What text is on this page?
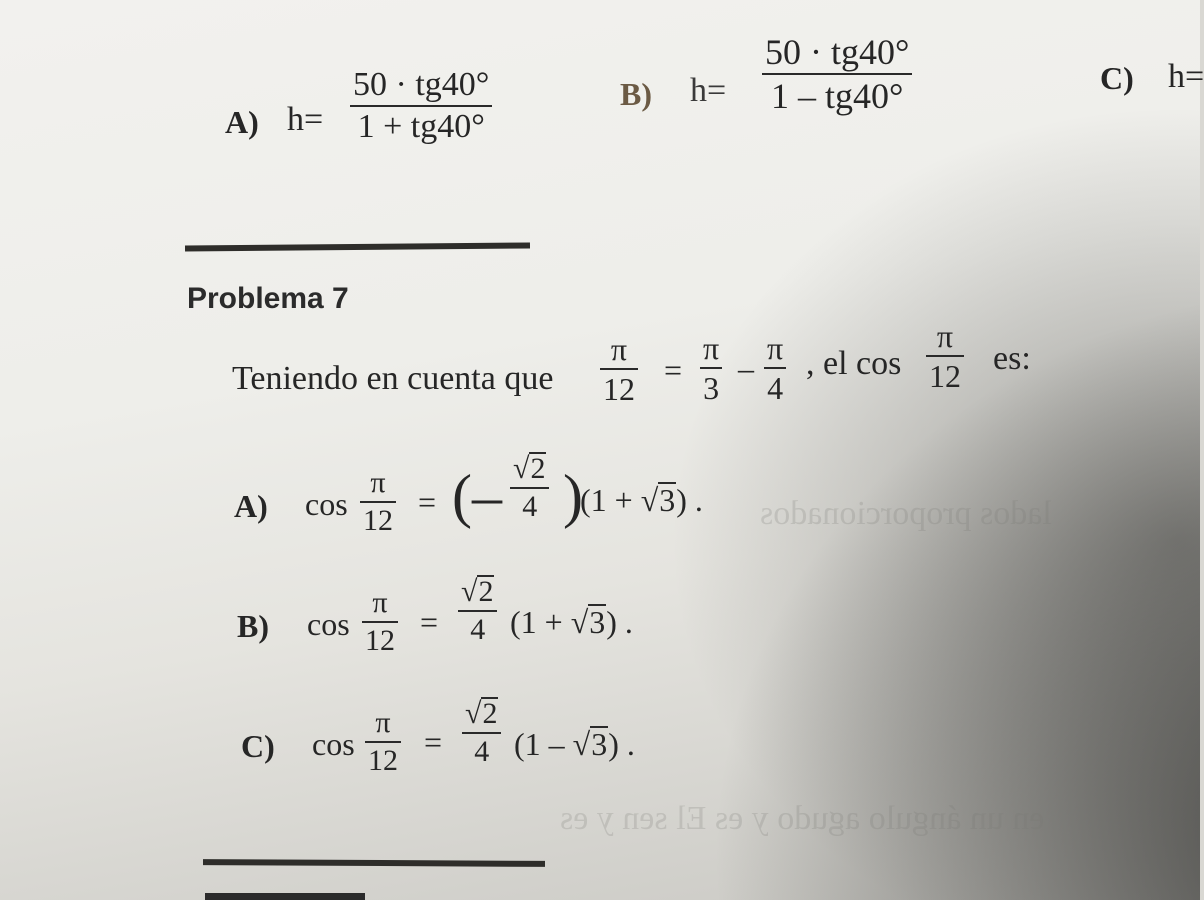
lados proporcionados
en un ángulo agudo y es El sen y es
A) h=
50 · tg40°
1 + tg40°
B) h=
50 · tg40°
1 – tg40°	C) h=
Problema 7
Teniendo en cuenta que
π
12
=
π
3
–
π
4
, el cos
π
12 es:
A) cos
π
12
= (– √2
4 )
(1 + √3) .
B) cos
π
12
=
√2
4 (1 + √3) .
C) cos
π
12
=
√2
4 (1 – √3) .
